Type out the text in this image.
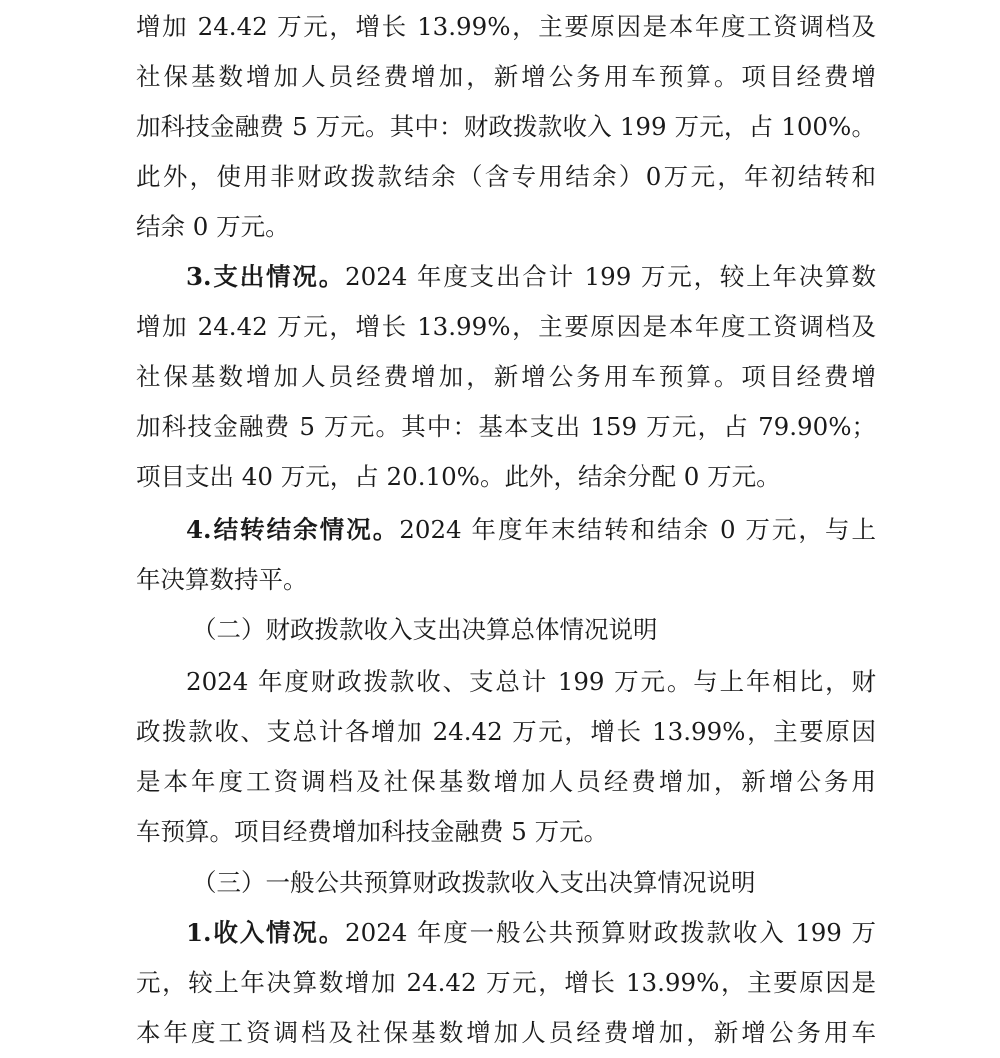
增加 24.42 万元，增长 13.99%，主要原因是本年度工资调档及
社保基数增加人员经费增加，新增公务用车预算。项目经费增
加科技金融费 5 万元。其中：财政拨款收入 199 万元，占 100%。
此外，使用非财政拨款结余（含专用结余）0万元，年初结转和
结余 0 万元。
3.支出情况。2024 年度支出合计 199 万元，较上年决算数
增加 24.42 万元，增长 13.99%，主要原因是本年度工资调档及
社保基数增加人员经费增加，新增公务用车预算。项目经费增
加科技金融费 5 万元。其中：基本支出 159 万元，占 79.90%；
项目支出 40 万元，占 20.10%。此外，结余分配 0 万元。
4.结转结余情况。2024 年度年末结转和结余 0 万元，与上
年决算数持平。
（二）财政拨款收入支出决算总体情况说明
2024 年度财政拨款收、支总计 199 万元。与上年相比，财
政拨款收、支总计各增加 24.42 万元，增长 13.99%，主要原因
是本年度工资调档及社保基数增加人员经费增加，新增公务用
车预算。项目经费增加科技金融费 5 万元。
（三）一般公共预算财政拨款收入支出决算情况说明
1.收入情况。2024 年度一般公共预算财政拨款收入 199 万
元，较上年决算数增加 24.42 万元，增长 13.99%，主要原因是
本年度工资调档及社保基数增加人员经费增加，新增公务用车
